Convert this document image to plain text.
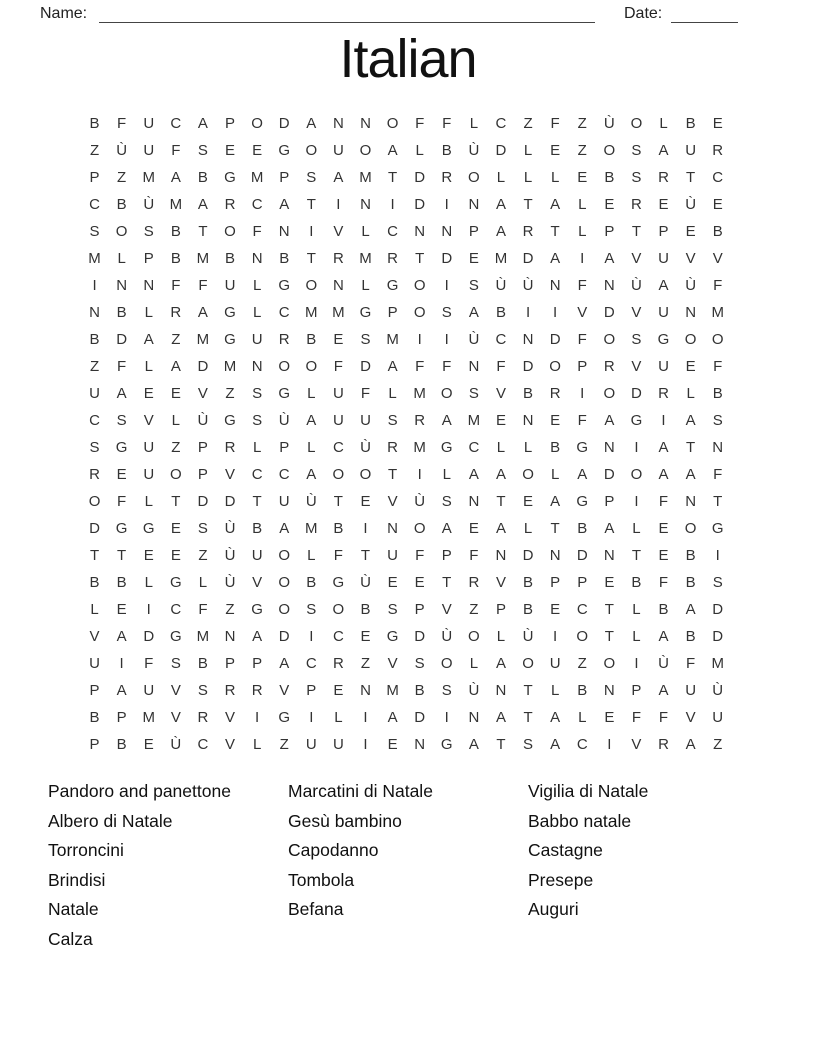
Name:	Date:
Italian
B	F	U	C	A	P	O	D	A	N	N	O	F	F	L	C	Z	F	Z	Ù	O	L	B	E
Z	Ù	U	F	S	E	E	G	O	U	O	A	L	B	Ù	D	L	E	Z	O	S	A	U	R
P	Z	M	A	B	G	M	P	S	A	M	T	D	R	O	L	L	L	E	B	S	R	T	C
C	B	Ù	M	A	R	C	A	T	I	N	I	D	I	N	A	T	A	L	E	R	E	Ù	E
S	O	S	B	T	O	F	N	I	V	L	C	N	N	P	A	R	T	L	P	T	P	E	B
M	L	P	B	M	B	N	B	T	R	M	R	T	D	E	M	D	A	I	A	V	U	V	V
I	N	N	F	F	U	L	G	O	N	L	G	O	I	S	Ù	Ù	N	F	N	Ù	A	Ù	F
N	B	L	R	A	G	L	C	M M	G	P	O	S	A	B	I	I	V	D	V	U	N	M
B	D	A	Z	M	G	U	R	B	E	S	M	I	I	Ù	C	N	D	F	O	S	G	O	O
Z	F	L	A	D	M	N	O	O	F	D	A	F	F	N	F	D	O	P	R	V	U	E	F
U	A	E	E	V	Z	S	G	L	U	F	L	M	O	S	V	B	R	I	O	D	R	L	B
C	S	V	L	Ù	G	S	Ù	A	U	U	S	R	A	M	E	N	E	F	A	G	I	A	S
S	G	U	Z	P	R	L	P	L	C	Ù	R	M	G	C	L	L	B	G	N	I	A	T	N
R	E	U	O	P	V	C	C	A	O	O	T	I	L	A	A	O	L	A	D	O	A	A	F
O	F	L	T	D	D	T	U	Ù	T	E	V	Ù	S	N	T	E	A	G	P	I	F	N	T
D	G	G	E	S	Ù	B	A	M	B	I	N	O	A	E	A	L	T	B	A	L	E	O	G
T	T	E	E	Z	Ù	U	O	L	F	T	U	F	P	F	N	D	N	D	N	T	E	B	I
B	B	L	G	L	Ù	V	O	B	G	Ù	E	E	T	R	V	B	P	P	E	B	F	B	S
L	E	I	C	F	Z	G	O	S	O	B	S	P	V	Z	P	B	E	C	T	L	B	A	D
V	A	D	G	M	N	A	D	I	C	E	G	D	Ù	O	L	Ù	I	O	T	L	A	B	D
U	I	F	S	B	P	P	A	C	R	Z	V	S	O	L	A	O	U	Z	O	I	Ù	F	M
P	A	U	V	S	R	R	V	P	E	N	M	B	S	Ù	N	T	L	B	N	P	A	U	Ù
B	P	M	V	R	V	I	G	I	L	I	A	D	I	N	A	T	A	L	E	F	F	V	U
P	B	E	Ù	C	V	L	Z	U	U	I	E	N	G	A	T	S	A	C	I	V	R	A	Z
Pandoro and panettone
Albero di Natale
Torroncini
Brindisi
Natale
Calza
Marcatini di Natale
Gesù bambino
Capodanno
Tombola
Befana
Vigilia di Natale
Babbo natale
Castagne
Presepe
Auguri
